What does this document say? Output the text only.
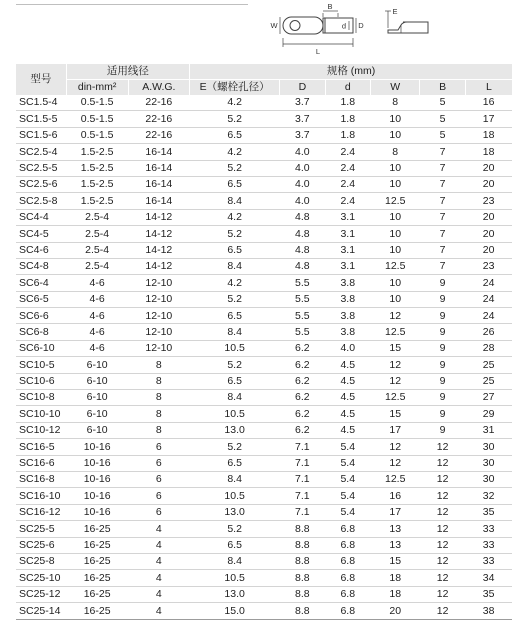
B
W	d D
L
E
型号	适用线径		规格 (mm)					
	din-mm²	A.W.G.	E（螺栓孔径）	D	d	W	B	L
SC1.5-4	0.5-1.5	22-16	4.2	3.7	1.8	8	5	16
SC1.5-5	0.5-1.5	22-16	5.2	3.7	1.8	10	5	17
SC1.5-6	0.5-1.5	22-16	6.5	3.7	1.8	10	5	18
SC2.5-4	1.5-2.5	16-14	4.2	4.0	2.4	8	7	18
SC2.5-5	1.5-2.5	16-14	5.2	4.0	2.4	10	7	20
SC2.5-6	1.5-2.5	16-14	6.5	4.0	2.4	10	7	20
SC2.5-8	1.5-2.5	16-14	8.4	4.0	2.4	12.5	7	23
SC4-4	2.5-4	14-12	4.2	4.8	3.1	10	7	20
SC4-5	2.5-4	14-12	5.2	4.8	3.1	10	7	20
SC4-6	2.5-4	14-12	6.5	4.8	3.1	10	7	20
SC4-8	2.5-4	14-12	8.4	4.8	3.1	12.5	7	23
SC6-4	4-6	12-10	4.2	5.5	3.8	10	9	24
SC6-5	4-6	12-10	5.2	5.5	3.8	10	9	24
SC6-6	4-6	12-10	6.5	5.5	3.8	12	9	24
SC6-8	4-6	12-10	8.4	5.5	3.8	12.5	9	26
SC6-10	4-6	12-10	10.5	6.2	4.0	15	9	28
SC10-5	6-10	8	5.2	6.2	4.5	12	9	25
SC10-6	6-10	8	6.5	6.2	4.5	12	9	25
SC10-8	6-10	8	8.4	6.2	4.5	12.5	9	27
SC10-10	6-10	8	10.5	6.2	4.5	15	9	29
SC10-12	6-10	8	13.0	6.2	4.5	17	9	31
SC16-5	10-16	6	5.2	7.1	5.4	12	12	30
SC16-6	10-16	6	6.5	7.1	5.4	12	12	30
SC16-8	10-16	6	8.4	7.1	5.4	12.5	12	30
SC16-10	10-16	6	10.5	7.1	5.4	16	12	32
SC16-12	10-16	6	13.0	7.1	5.4	17	12	35
SC25-5	16-25	4	5.2	8.8	6.8	13	12	33
SC25-6	16-25	4	6.5	8.8	6.8	13	12	33
SC25-8	16-25	4	8.4	8.8	6.8	15	12	33
SC25-10	16-25	4	10.5	8.8	6.8	18	12	34
SC25-12	16-25	4	13.0	8.8	6.8	18	12	35
SC25-14	16-25	4	15.0	8.8	6.8	20	12	38
